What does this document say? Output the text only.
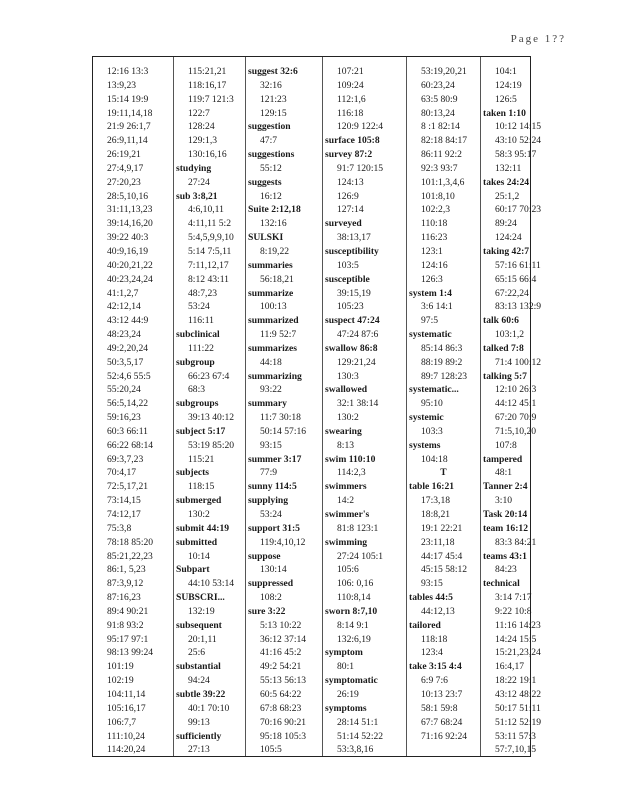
Page 1??
12:16 13:3
13:9,23
15:14 19:9
19:11,14,18
21:9 26:1,7
26:9,11,14
26:19,21
27:4,9,17
27:20,23
28:5,10,16
31:11,13,23
39:14,16,20
39:22 40:3
40:9,16,19
40:20,21,22
40:23,24,24
41:1,2,7
42:12,14
43:12 44:9
48:23,24
49:2,20,24
50:3,5,17
52:4,6 55:5
55:20,24
56:5,14,22
59:16,23
60:3 66:11
66:22 68:14
69:3,7,23
70:4,17
72:5,17,21
73:14,15
74:12,17
75:3,8
78:18 85:20
85:21,22,23
86:1, 5,23
87:3,9,12
87:16,23
89:4 90:21
91:8 93:2
95:17 97:1
98:13 99:24
101:19
102:19
104:11,14
105:16,17
106:7,7
111:10,24
114:20,24
115:21,21
118:16,17
119:7 121:3
122:7
128:24
129:1,3
130:16,16
studying
27:24
sub 3:8,21
4:6,10,11
4:11,11 5:2
5:4,5,9,9,10
5:14 7:5,11
7:11,12,17
8:12 43:11
48:7,23
53:24
116:11
subclinical
111:22
subgroup
66:23 67:4
68:3
subgroups
39:13 40:12
subject 5:17
53:19 85:20
115:21
subjects
118:15
submerged
130:2
submit 44:19
submitted
10:14
Subpart
44:10 53:14
SUBSCRI...
132:19
subsequent
20:1,11
25:6
substantial
94:24
subtle 39:22
40:1 70:10
99:13
sufficiently
27:13
suggest 32:6
32:16
121:23
129:15
suggestion
47:7
suggestions
55:12
suggests
16:12
Suite 2:12,18
132:16
SULSKI
8:19,22
summaries
56:18,21
summarize
100:13
summarized
11:9 52:7
summarizes
44:18
summarizing
93:22
summary
11:7 30:18
50:14 57:16
93:15
summer 3:17
77:9
sunny 114:5
supplying
53:24
support 31:5
119:4,10,12
suppose
130:14
suppressed
108:2
sure 3:22
5:13 10:22
36:12 37:14
41:16 45:2
49:2 54:21
55:13 56:13
60:5 64:22
67:8 68:23
70:16 90:21
95:18 105:3
105:5
107:21
109:24
112:1,6
116:18
120:9 122:4
surface 105:8
survey 87:2
91:7 120:15
124:13
126:9
127:14
surveyed
38:13,17
susceptibility
103:5
susceptible
39:15,19
105:23
suspect 47:24
47:24 87:6
swallow 86:8
129:21,24
130:3
swallowed
32:1 38:14
130:2
swearing
8:13
swim 110:10
114:2,3
swimmers
14:2
swimmer's
81:8 123:1
swimming
27:24 105:1
105:6
106: 0,16
110:8,14
sworn 8:7,10
8:14 9:1
132:6,19
symptom
80:1
symptomatic
26:19
symptoms
28:14 51:1
51:14 52:22
53:3,8,16
53:19,20,21
60:23,24
63:5 80:9
80:13,24
8 :1 82:14
82:18 84:17
86:11 92:2
92:3 93:7
101:1,3,4,6
101:8,10
102:2,3
110:18
116:23
123:1
124:16
126:3
system 1:4
3:6 14:1
97:5
systematic
85:14 86:3
88:19 89:2
89:7 128:23
systematic...
95:10
systemic
103:3
systems
104:18
T
table 16:21
17:3,18
18:8,21
19:1 22:21
23:11,18
44:17 45:4
45:15 58:12
93:15
tables 44:5
44:12,13
tailored
118:18
123:4
take 3:15 4:4
6:9 7:6
10:13 23:7
58:1 59:8
67:7 68:24
71:16 92:24
104:1
124:19
126:5
taken 1:10
10:12 14:15
43:10 52:24
58:3 95:17
132:11
takes 24:24
25:1,2
60:17 70:23
89:24
124:24
taking 42:7
57:16 61:11
65:15 66:4
67:22,24
83:13 132:9
talk 60:6
103:1,2
talked 7:8
71:4 100:12
talking 5:7
12:10 26:3
44:12 45:1
67:20 70:9
71:5,10,20
107:8
tampered
48:1
Tanner 2:4
3:10
Task 20:14
team 16:12
83:3 84:21
teams 43:1
84:23
technical
3:14 7:17
9:22 10:8
11:16 14:23
14:24 15:5
15:21,23,24
16:4,17
18:22 19:1
43:12 48:22
50:17 51:11
51:12 52:19
53:11 57:3
57:7,10,15
